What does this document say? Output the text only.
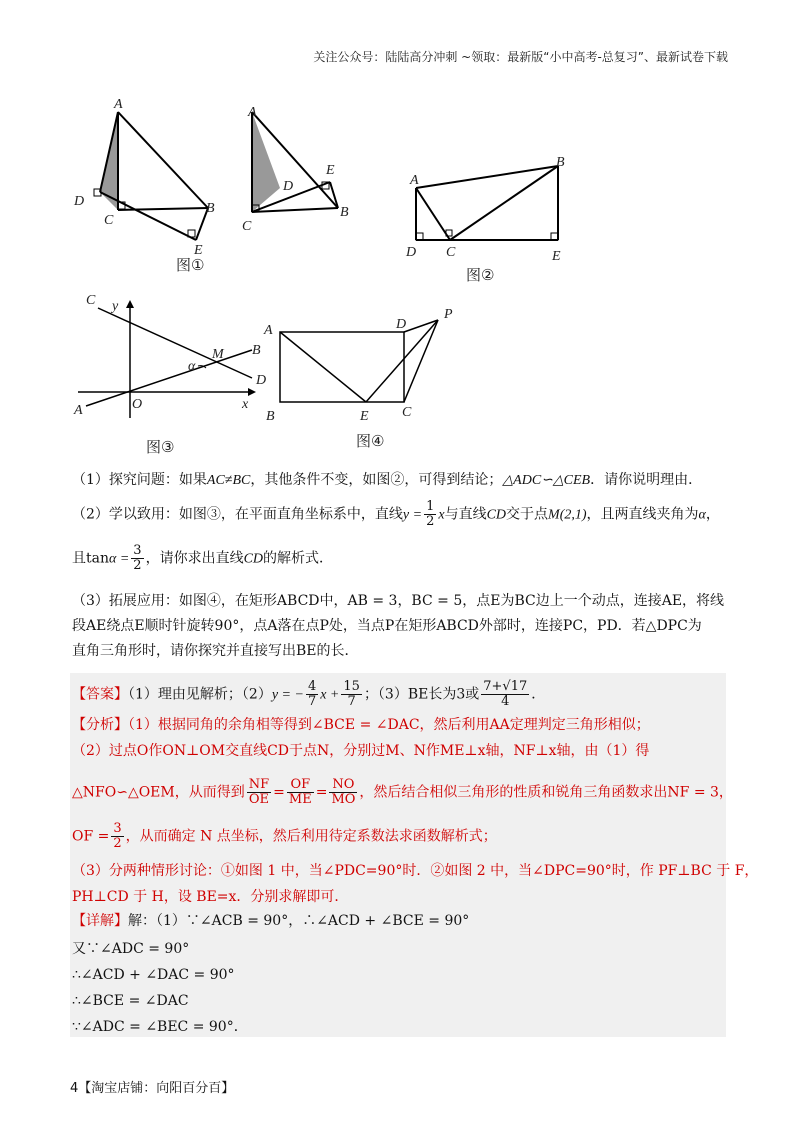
关注公众号：陆陆高分冲刺 ~领取：最新版“小中高考-总复习”、最新试卷下载
A
D
C
B
E
A
D
E
B
C
图①
A
B
D C	E
图②
C y
M
α
B
D
O	x
A
图③
A	D
P
B	E C
图④
（1）探究问题：如果AC≠BC，其他条件不变，如图②，可得到结论；△ADC∽△CEB．请你说明理由．
（2）学以致用：如图③，在平面直角坐标系中，直线$y = \frac{1}{2}$ x与直线CD交于点M(2,1)，且两直线夹角为α，
且$\tan\alpha = \frac{3}{2}$ ，请你求出直线CD的解析式．
（3）拓展应用：如图④，在矩形ABCD中，AB = 3，BC = 5，点E为BC边上一个动点，连接AE，将线
段AE绕点E顺时针旋转90°，点A落在点P处，当点P在矩形ABCD外部时，连接PC，PD．若△DPC为
直角三角形时，请你探究并直接写出BE的长．
【答案】（1）理由见解析；（2）y = − $\frac{4}{7}$ $x + \frac{15}{7}$ ；（3）BE长为3或 $\frac{7+√17}{4}$ ．
【分析】（1）根据同角的余角相等得到∠BCE = ∠DAC，然后利用AA定理判定三角形相似；
（2）过点O作ON⊥OM交直线CD于点N，分别过M、N作ME⊥x轴，NF⊥x轴，由（1）得
△NFO∽△OEM，从而得到 $\frac{NF}{OE} = \frac{OF}{ME} = \frac{NO}{MO}$ ，然后结合相似三角形的性质和锐角三角函数求出NF = 3，
OF = $\frac{3}{2}$ ，从而确定 N 点坐标，然后利用待定系数法求函数解析式；
（3）分两种情形讨论：①如图 1 中，当∠PDC=90°时．②如图 2 中，当∠DPC=90°时，作 PF⊥BC 于 F，
PH⊥CD 于 H，设 BE=x．分别求解即可．
【详解】解：（1）∵∠ACB = 90°，∴∠ACD + ∠BCE = 90°
又∵∠ADC = 90°
∴∠ACD + ∠DAC = 90°
∴∠BCE = ∠DAC
∵∠ADC = ∠BEC = 90°．
4【淘宝店铺：向阳百分百】
